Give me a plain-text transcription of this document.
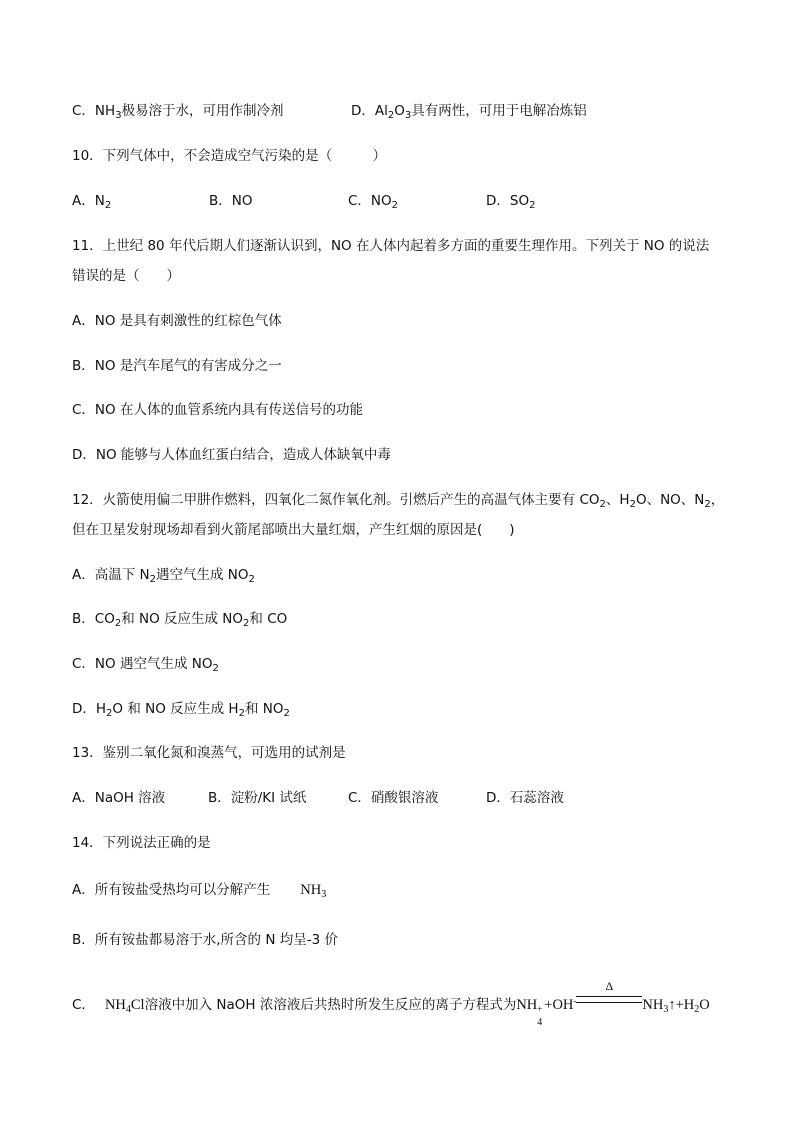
C．$NH_3$极易溶于水，可用作制冷剂	D．$Al_2O_3$具有两性，可用于电解冶炼铝
10．下列气体中，不会造成空气污染的是（　　　）
A．$N_2$	B．NO	C．$NO_2$	D．$SO_2$
11．上世纪 80 年代后期人们逐渐认识到，NO 在人体内起着多方面的重要生理作用。下列关于 NO 的说法
错误的是（　　）
A．NO 是具有刺激性的红棕色气体
B．NO 是汽车尾气的有害成分之一
C．NO 在人体的血管系统内具有传送信号的功能
D．NO 能够与人体血红蛋白结合，造成人体缺氧中毒
12．火箭使用偏二甲肼作燃料，四氧化二氮作氧化剂。引燃后产生的高温气体主要有 $CO_2$、$H_2O$、NO、$N_2$，
但在卫星发射现场却看到火箭尾部喷出大量红烟，产生红烟的原因是(　　)
A．高温下 $N_2$遇空气生成 $NO_2$
B．$CO_2$和 NO 反应生成 $NO_2$和 CO
C．NO 遇空气生成 $NO_2$
D．$H_2O$ 和 NO 反应生成 $H_2$和 $NO_2$
13．鉴别二氧化氮和溴蒸气，可选用的试剂是
A．NaOH 溶液	B．淀粉/KI 试纸	C．硝酸银溶液	D．石蕊溶液
14．下列说法正确的是
A．所有铵盐受热均可以分解产生 $NH_3$
B．所有铵盐都易溶于水,所含的 N 均呈-3 价
C． $NH_4Cl$溶液中加入 NaOH 浓溶液后共热时所发生反应的离子方程式为NH +
4
+OH-
Δ
$NH_3↑+H_2O$
